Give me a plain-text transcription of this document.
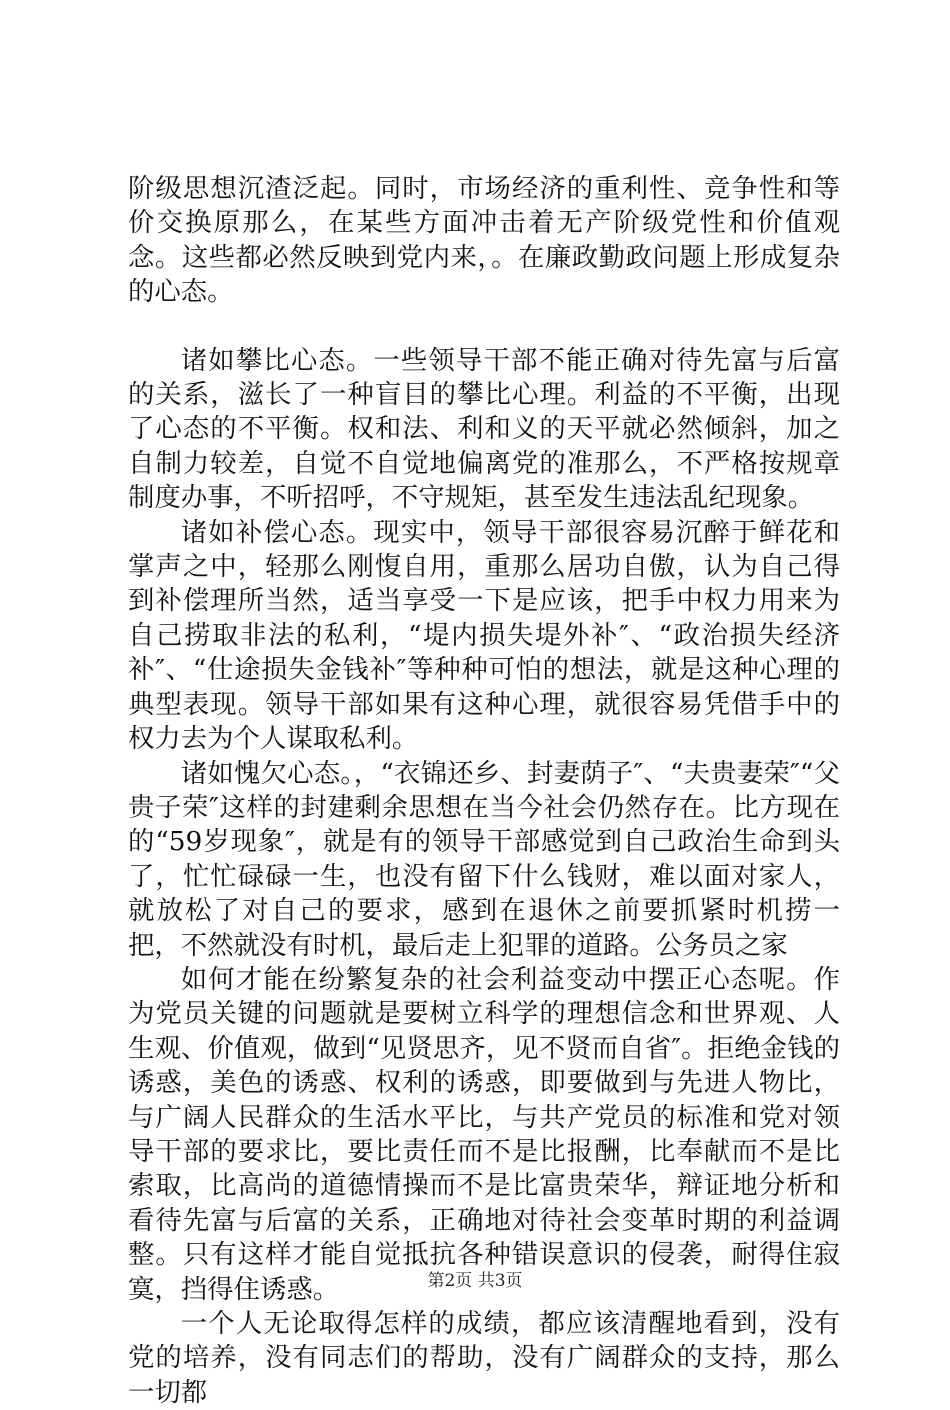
阶级思想沉渣泛起。同时，市场经济的重利性、竞争性和等价交换原那么，在某些方面冲击着无产阶级党性和价值观念。这些都必然反映到党内来，。在廉政勤政问题上形成复杂的心态。

诸如攀比心态。一些领导干部不能正确对待先富与后富的关系，滋长了一种盲目的攀比心理。利益的不平衡，出现了心态的不平衡。权和法、利和义的天平就必然倾斜，加之自制力较差，自觉不自觉地偏离党的准那么，不严格按规章制度办事，不听招呼，不守规矩，甚至发生违法乱纪现象。

诸如补偿心态。现实中，领导干部很容易沉醉于鲜花和掌声之中，轻那么刚愎自用，重那么居功自傲，认为自己得到补偿理所当然，适当享受一下是应该，把手中权力用来为自己捞取非法的私利，“堤内损失堤外补″、“政治损失经济补″、“仕途损失金钱补″等种种可怕的想法，就是这种心理的典型表现。领导干部如果有这种心理，就很容易凭借手中的权力去为个人谋取私利。

诸如愧欠心态。，“衣锦还乡、封妻荫子″、“夫贵妻荣″“父贵子荣″这样的封建剩余思想在当今社会仍然存在。比方现在的“59岁现象″，就是有的领导干部感觉到自己政治生命到头了，忙忙碌碌一生，也没有留下什么钱财，难以面对家人，就放松了对自己的要求，感到在退休之前要抓紧时机捞一把，不然就没有时机，最后走上犯罪的道路。公务员之家

如何才能在纷繁复杂的社会利益变动中摆正心态呢。作为党员关键的问题就是要树立科学的理想信念和世界观、人生观、价值观，做到“见贤思齐，见不贤而自省″。拒绝金钱的诱惑，美色的诱惑、权利的诱惑，即要做到与先进人物比，与广阔人民群众的生活水平比，与共产党员的标准和党对领导干部的要求比，要比责任而不是比报酬，比奉献而不是比索取，比高尚的道德情操而不是比富贵荣华，辩证地分析和看待先富与后富的关系，正确地对待社会变革时期的利益调整。只有这样才能自觉抵抗各种错误意识的侵袭，耐得住寂寞，挡得住诱惑。

一个人无论取得怎样的成绩，都应该清醒地看到，没有党的培养，没有同志们的帮助，没有广阔群众的支持，那么一切都

第2页 共3页
